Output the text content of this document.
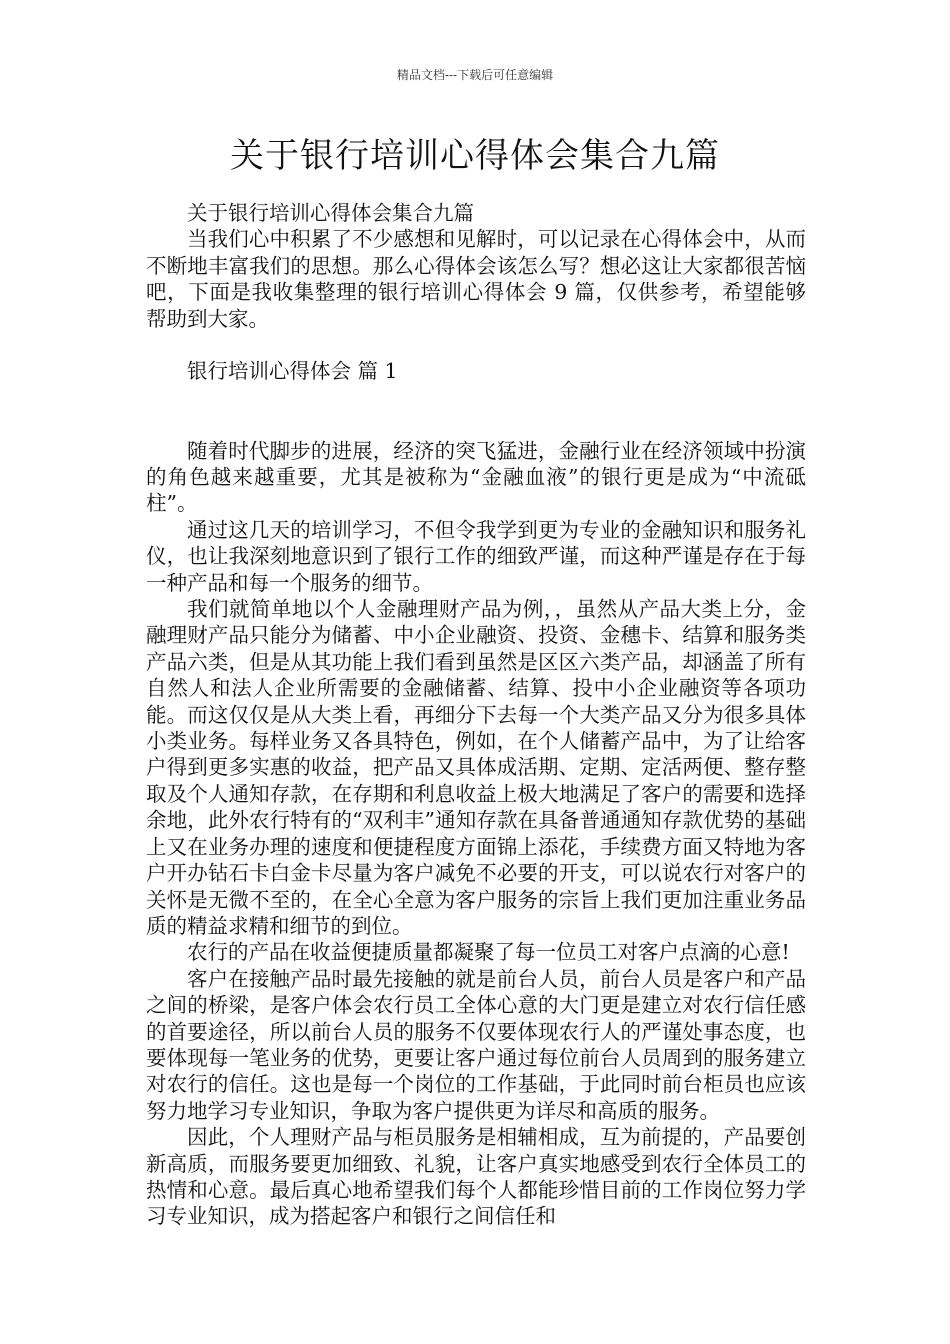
精品文档---下载后可任意编辑
关于银行培训心得体会集合九篇

关于银行培训心得体会集合九篇

当我们心中积累了不少感想和见解时，可以记录在心得体会中，从而不断地丰富我们的思想。那么心得体会该怎么写？想必这让大家都很苦恼吧，下面是我收集整理的银行培训心得体会 9 篇，仅供参考，希望能够帮助到大家。

银行培训心得体会 篇 1

随着时代脚步的进展，经济的突飞猛进，金融行业在经济领域中扮演的角色越来越重要，尤其是被称为“金融血液”的银行更是成为“中流砥柱”。

通过这几天的培训学习，不但令我学到更为专业的金融知识和服务礼仪，也让我深刻地意识到了银行工作的细致严谨，而这种严谨是存在于每一种产品和每一个服务的细节。

我们就简单地以个人金融理财产品为例，，虽然从产品大类上分，金融理财产品只能分为储蓄、中小企业融资、投资、金穗卡、结算和服务类产品六类，但是从其功能上我们看到虽然是区区六类产品，却涵盖了所有自然人和法人企业所需要的金融储蓄、结算、投中小企业融资等各项功能。而这仅仅是从大类上看，再细分下去每一个大类产品又分为很多具体小类业务。每样业务又各具特色，例如，在个人储蓄产品中，为了让给客户得到更多实惠的收益，把产品又具体成活期、定期、定活两便、整存整取及个人通知存款，在存期和利息收益上极大地满足了客户的需要和选择余地，此外农行特有的“双利丰”通知存款在具备普通通知存款优势的基础上又在业务办理的速度和便捷程度方面锦上添花，手续费方面又特地为客户开办钻石卡白金卡尽量为客户减免不必要的开支，可以说农行对客户的关怀是无微不至的，在全心全意为客户服务的宗旨上我们更加注重业务品质的精益求精和细节的到位。

农行的产品在收益便捷质量都凝聚了每一位员工对客户点滴的心意!

客户在接触产品时最先接触的就是前台人员，前台人员是客户和产品之间的桥梁，是客户体会农行员工全体心意的大门更是建立对农行信任感的首要途径，所以前台人员的服务不仅要体现农行人的严谨处事态度，也要体现每一笔业务的优势，更要让客户通过每位前台人员周到的服务建立对农行的信任。这也是每一个岗位的工作基础，于此同时前台柜员也应该努力地学习专业知识，争取为客户提供更为详尽和高质的服务。

因此，个人理财产品与柜员服务是相辅相成，互为前提的，产品要创新高质，而服务要更加细致、礼貌，让客户真实地感受到农行全体员工的热情和心意。最后真心地希望我们每个人都能珍惜目前的工作岗位努力学习专业知识，成为搭起客户和银行之间信任和
